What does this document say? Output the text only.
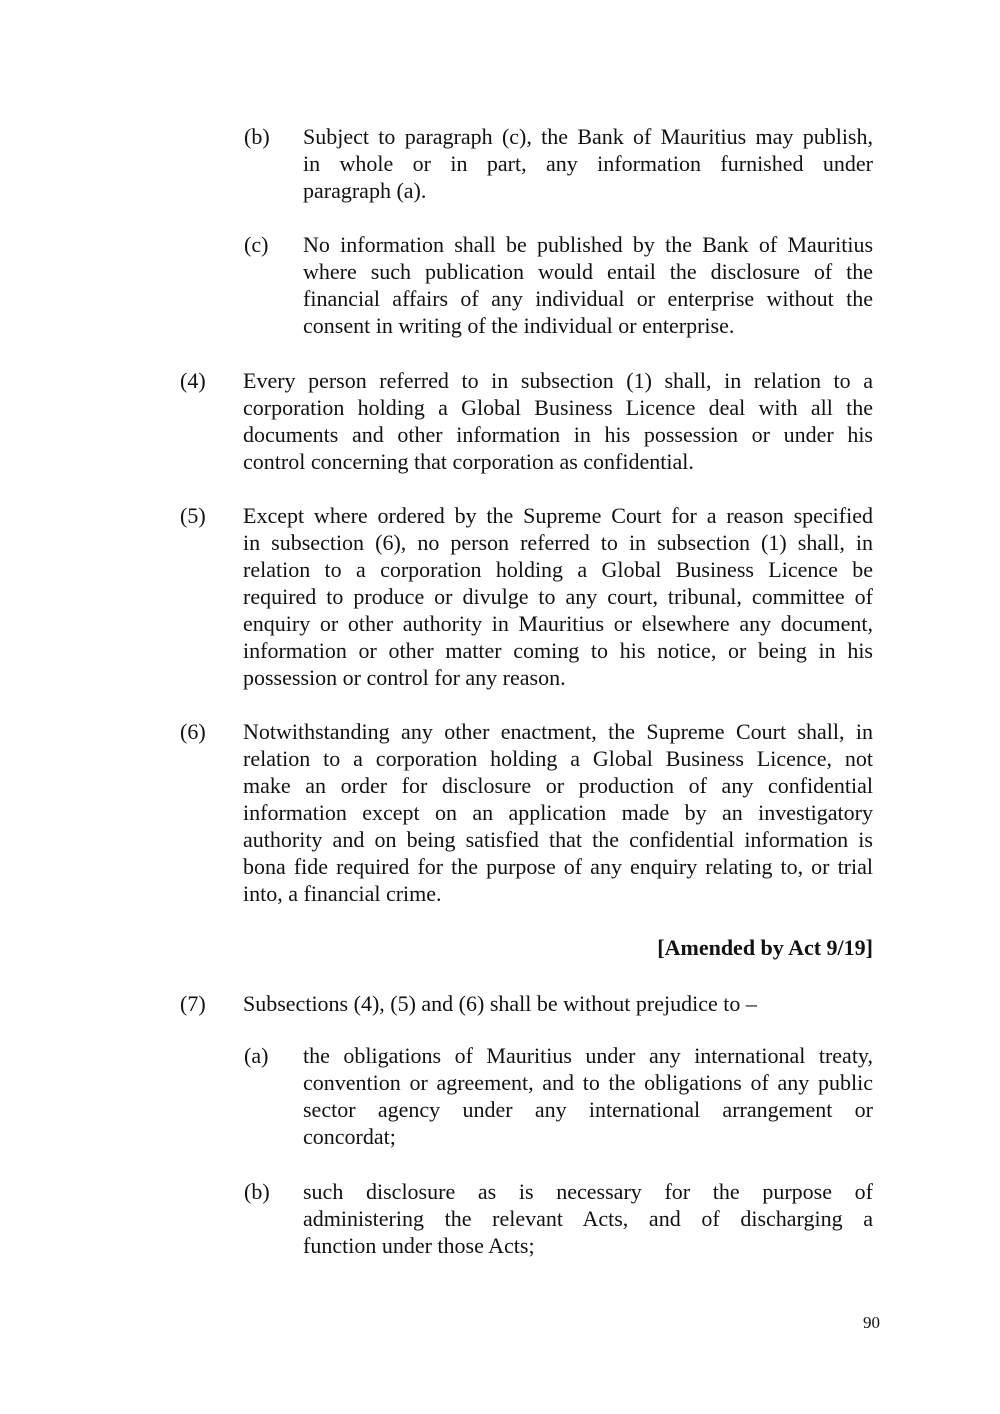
(b) Subject to paragraph (c), the Bank of Mauritius may publish,
in whole or in part, any information furnished under
paragraph (a).
(c) No information shall be published by the Bank of Mauritius
where such publication would entail the disclosure of the
financial affairs of any individual or enterprise without the
consent in writing of the individual or enterprise.
(4) Every person referred to in subsection (1) shall, in relation to a
corporation holding a Global Business Licence deal with all the
documents and other information in his possession or under his
control concerning that corporation as confidential.
(5) Except where ordered by the Supreme Court for a reason specified
in subsection (6), no person referred to in subsection (1) shall, in
relation to a corporation holding a Global Business Licence be
required to produce or divulge to any court, tribunal, committee of
enquiry or other authority in Mauritius or elsewhere any document,
information or other matter coming to his notice, or being in his
possession or control for any reason.
(6) Notwithstanding any other enactment, the Supreme Court shall, in
relation to a corporation holding a Global Business Licence, not
make an order for disclosure or production of any confidential
information except on an application made by an investigatory
authority and on being satisfied that the confidential information is
bona fide required for the purpose of any enquiry relating to, or trial
into, a financial crime.
[Amended by Act 9/19]
(7) Subsections (4), (5) and (6) shall be without prejudice to –
(a) the obligations of Mauritius under any international treaty,
convention or agreement, and to the obligations of any public
sector agency under any international arrangement or
concordat;
(b) such disclosure as is necessary for the purpose of
administering the relevant Acts, and of discharging a
function under those Acts;
90
